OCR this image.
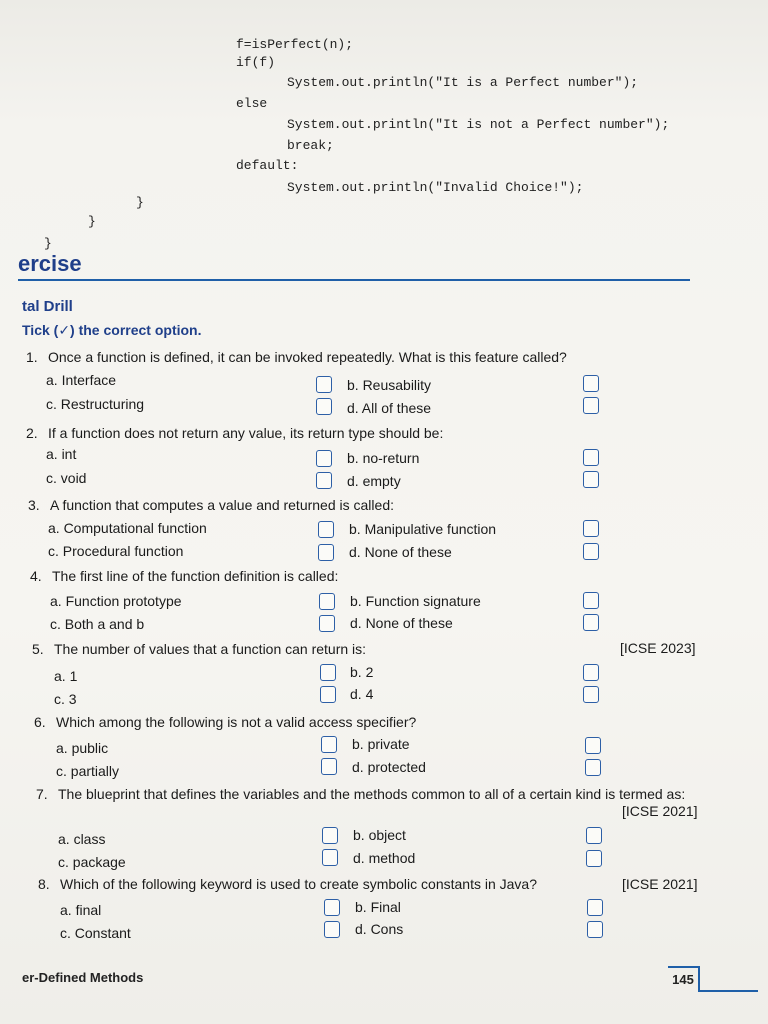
f=isPerfect(n);
if(f)
System.out.println("It is a Perfect number");
else
System.out.println("It is not a Perfect number");
break;
default:
System.out.println("Invalid Choice!");
}
}
}
ercise
tal Drill
Tick (✓) the correct option.
1. Once a function is defined, it can be invoked repeatedly. What is this feature called?
a. Interface	b. Reusability
c. Restructuring	d. All of these
2. If a function does not return any value, its return type should be:
a. int	b. no-return
c. void	d. empty
3. A function that computes a value and returned is called:
a. Computational function	b. Manipulative function
c. Procedural function	d. None of these
4. The first line of the function definition is called:
a. Function prototype	b. Function signature
c. Both a and b	d. None of these
5. The number of values that a function can return is:	[ICSE 2023]
a. 1	b. 2
c. 3	d. 4
6. Which among the following is not a valid access specifier?
a. public	b. private
c. partially	d. protected
7. The blueprint that defines the variables and the methods common to all of a certain kind is termed as:
[ICSE 2021]
a. class	b. object
c. package	d. method
8. Which of the following keyword is used to create symbolic constants in Java?	[ICSE 2021]
a. final	b. Final
c. Constant	d. Cons
er-Defined Methods	145
